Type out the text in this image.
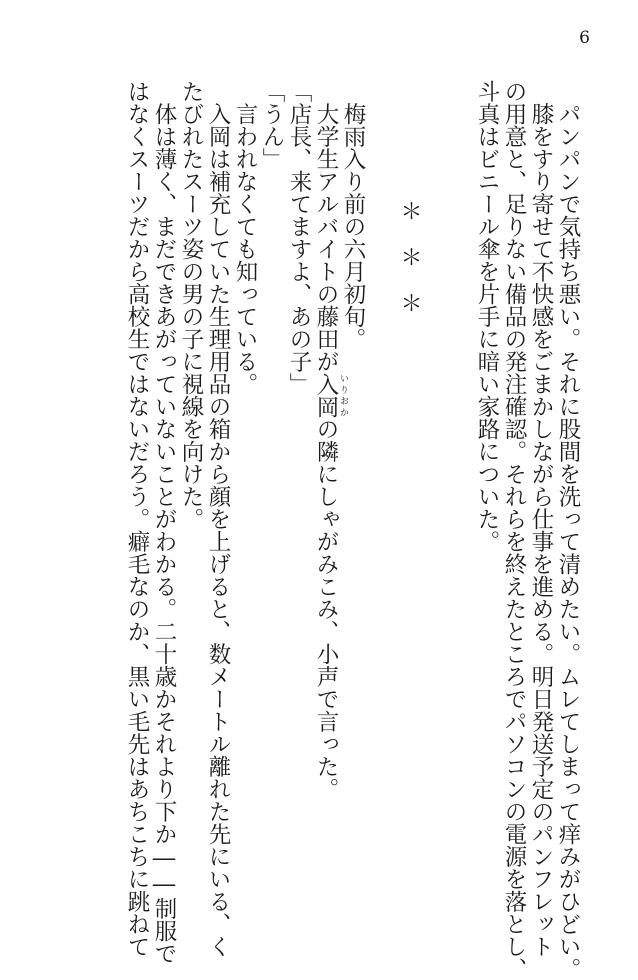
6
　パンパンで気持ち悪い。それに股間を洗って清めたい。ムレてしまって痒みがひどい。
　膝をすり寄せて不快感をごまかしながら仕事を進める。明日発送予定のパンフレット
の用意と、足りない備品の発注確認。それらを終えたところでパソコンの電源を落とし、
斗真はビニール傘を片手に暗い家路についた。
＊＊＊
　梅雨入り前の六月初旬。
　大学生アルバイトの藤田が入岡 いりおかの隣にしゃがみこみ、小声で言った。
「店長、来てますよ、あの子」
「うん」
　言われなくても知っている。
　入岡は補充していた生理用品の箱から顔を上げると、数メートル離れた先にいる、く
たびれたスーツ姿の男の子に視線を向けた。
　体は薄く、まだできあがっていないことがわかる。二十歳かそれより下か――制服で
はなくスーツだから高校生ではないだろう。癖毛なのか、黒い毛先はあちこちに跳ねて
